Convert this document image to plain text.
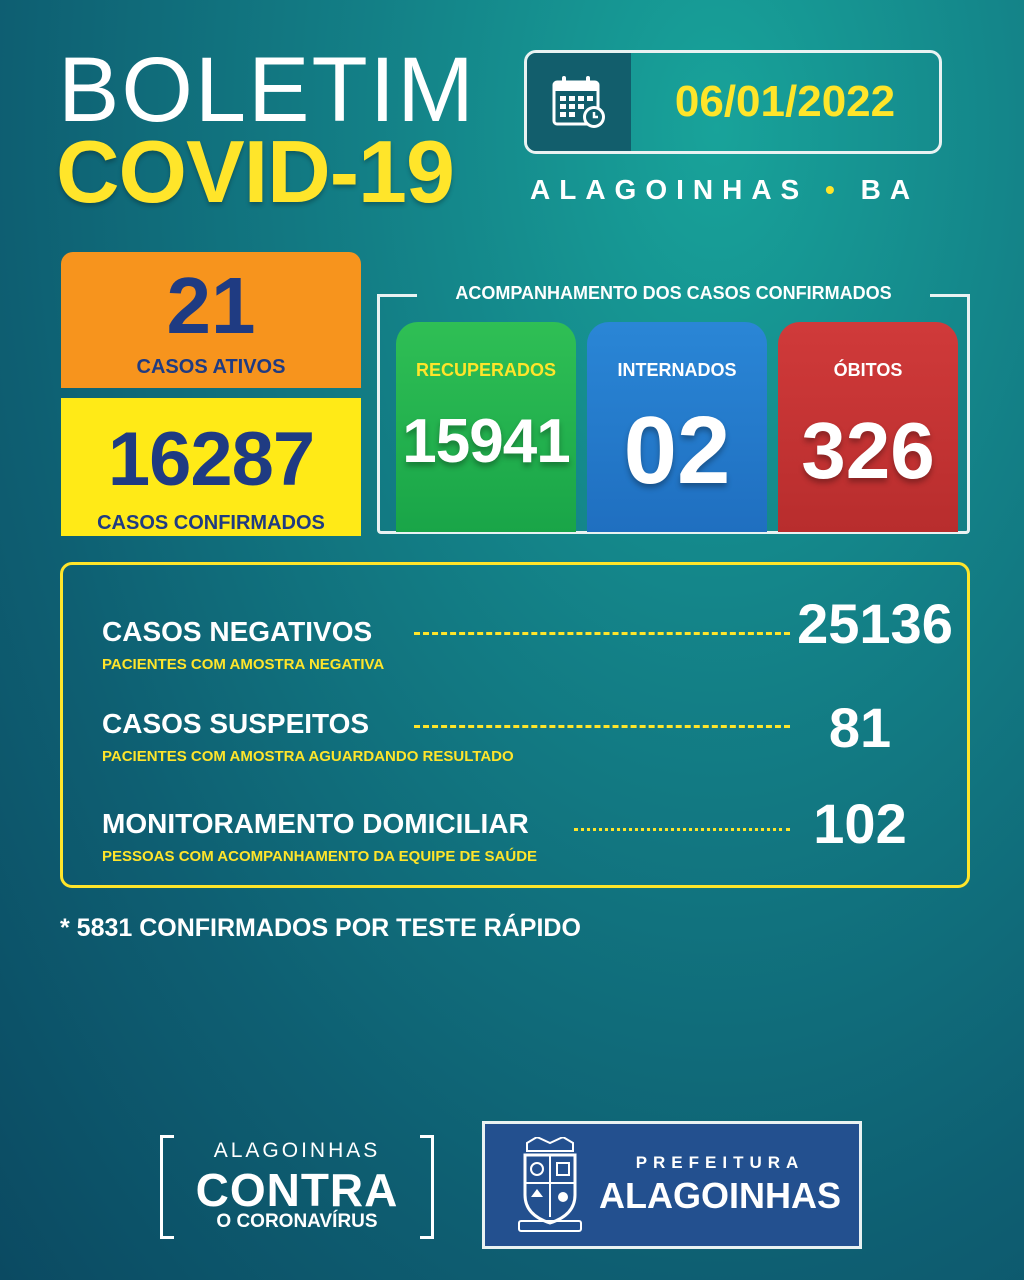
BOLETIM
COVID-19
06/01/2022
ALAGOINHAS • BA
21
CASOS ATIVOS
16287
CASOS CONFIRMADOS
ACOMPANHAMENTO DOS CASOS CONFIRMADOS
RECUPERADOS
15941
INTERNADOS
02
ÓBITOS
326
CASOS NEGATIVOS	25136
PACIENTES COM AMOSTRA NEGATIVA
CASOS SUSPEITOS	81
PACIENTES COM AMOSTRA AGUARDANDO RESULTADO
MONITORAMENTO DOMICILIAR	102
PESSOAS COM ACOMPANHAMENTO DA EQUIPE DE SAÚDE
* 5831 CONFIRMADOS POR TESTE RÁPIDO
ALAGOINHAS
CONTRA
O CORONAVÍRUS
PREFEITURA
ALAGOINHAS
